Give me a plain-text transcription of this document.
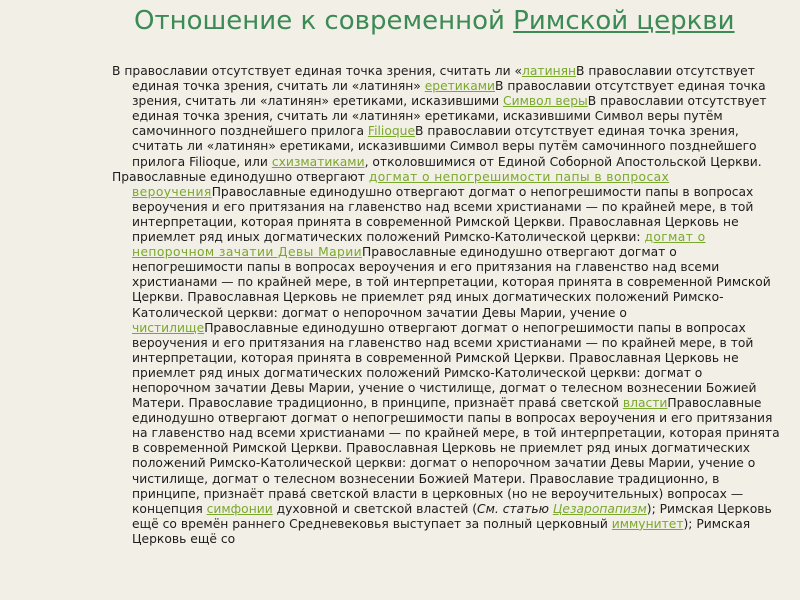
Отношение к современной Римской церкви

В православии отсутствует единая точка зрения, считать ли «латинянВ православии отсутствует единая точка зрения, считать ли «латинян» еретикамиВ православии отсутствует единая точка зрения, считать ли «латинян» еретиками, исказившими Символ верыВ православии отсутствует единая точка зрения, считать ли «латинян» еретиками, исказившими Символ веры путём самочинного позднейшего прилога FilioqueВ православии отсутствует единая точка зрения, считать ли «латинян» еретиками, исказившими Символ веры путём самочинного позднейшего прилога Filioque, или схизматиками, отколовшимися от Единой Соборной Апостольской Церкви.

Православные единодушно отвергают догмат о непогрешимости папы в вопросах вероученияПравославные единодушно отвергают догмат о непогрешимости папы в вопросах вероучения и его притязания на главенство над всеми христианами — по крайней мере, в той интерпретации, которая принята в современной Римской Церкви. Православная Церковь не приемлет ряд иных догматических положений Римско-Католической церкви: догмат о непорочном зачатии Девы МарииПравославные единодушно отвергают догмат о непогрешимости папы в вопросах вероучения и его притязания на главенство над всеми христианами — по крайней мере, в той интерпретации, которая принята в современной Римской Церкви. Православная Церковь не приемлет ряд иных догматических положений Римско-Католической церкви: догмат о непорочном зачатии Девы Марии, учение о чистилищеПравославные единодушно отвергают догмат о непогрешимости папы в вопросах вероучения и его притязания на главенство над всеми христианами — по крайней мере, в той интерпретации, которая принята в современной Римской Церкви. Православная Церковь не приемлет ряд иных догматических положений Римско-Католической церкви: догмат о непорочном зачатии Девы Марии, учение о чистилище, догмат о телесном вознесении Божией Матери. Православие традиционно, в принципе, признаёт права́ светской властиПравославные единодушно отвергают догмат о непогрешимости папы в вопросах вероучения и его притязания на главенство над всеми христианами — по крайней мере, в той интерпретации, которая принята в современной Римской Церкви. Православная Церковь не приемлет ряд иных догматических положений Римско-Католической церкви: догмат о непорочном зачатии Девы Марии, учение о чистилище, догмат о телесном вознесении Божией Матери. Православие традиционно, в принципе, признаёт права́ светской власти в церковных (но не вероучительных) вопросах — концепция симфонии духовной и светской властей (См. статью Цезаропапизм); Римская Церковь ещё со времён раннего Средневековья выступает за полный церковный иммунитет); Римская Церковь ещё со
